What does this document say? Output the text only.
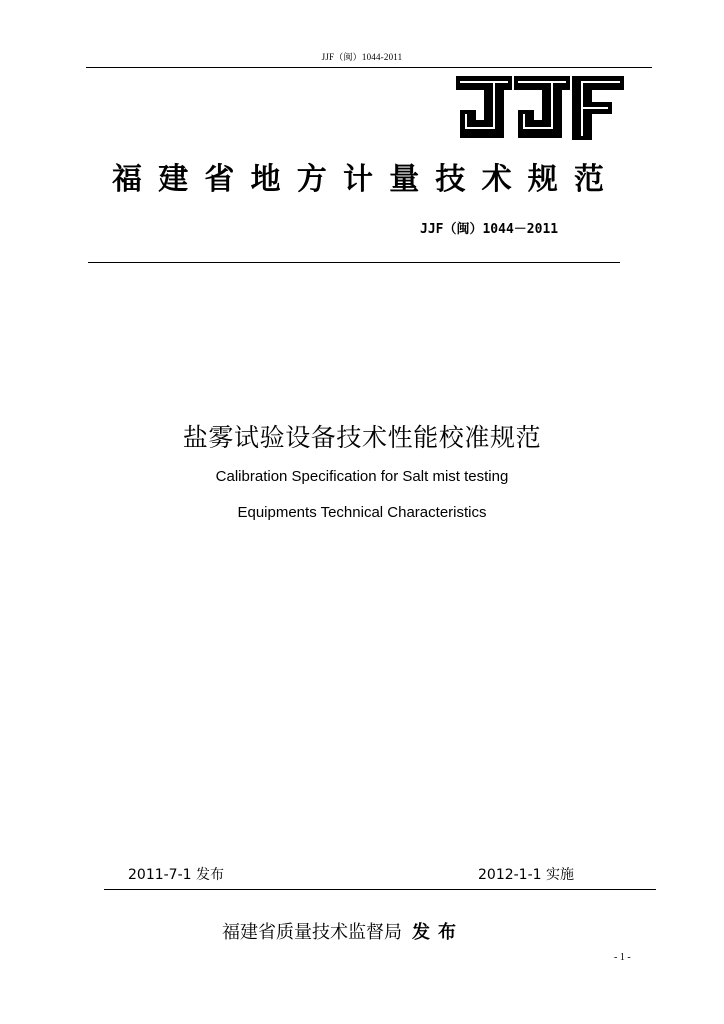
JJF（闽）1044-2011
福建省地方计量技术规范
JJF（闽）1044－2011
盐雾试验设备技术性能校准规范
Calibration Specification for Salt mist testing
Equipments Technical Characteristics
2011-7-1 发布	2012-1-1 实施
福建省质量技术监督局 发布
- 1 -
